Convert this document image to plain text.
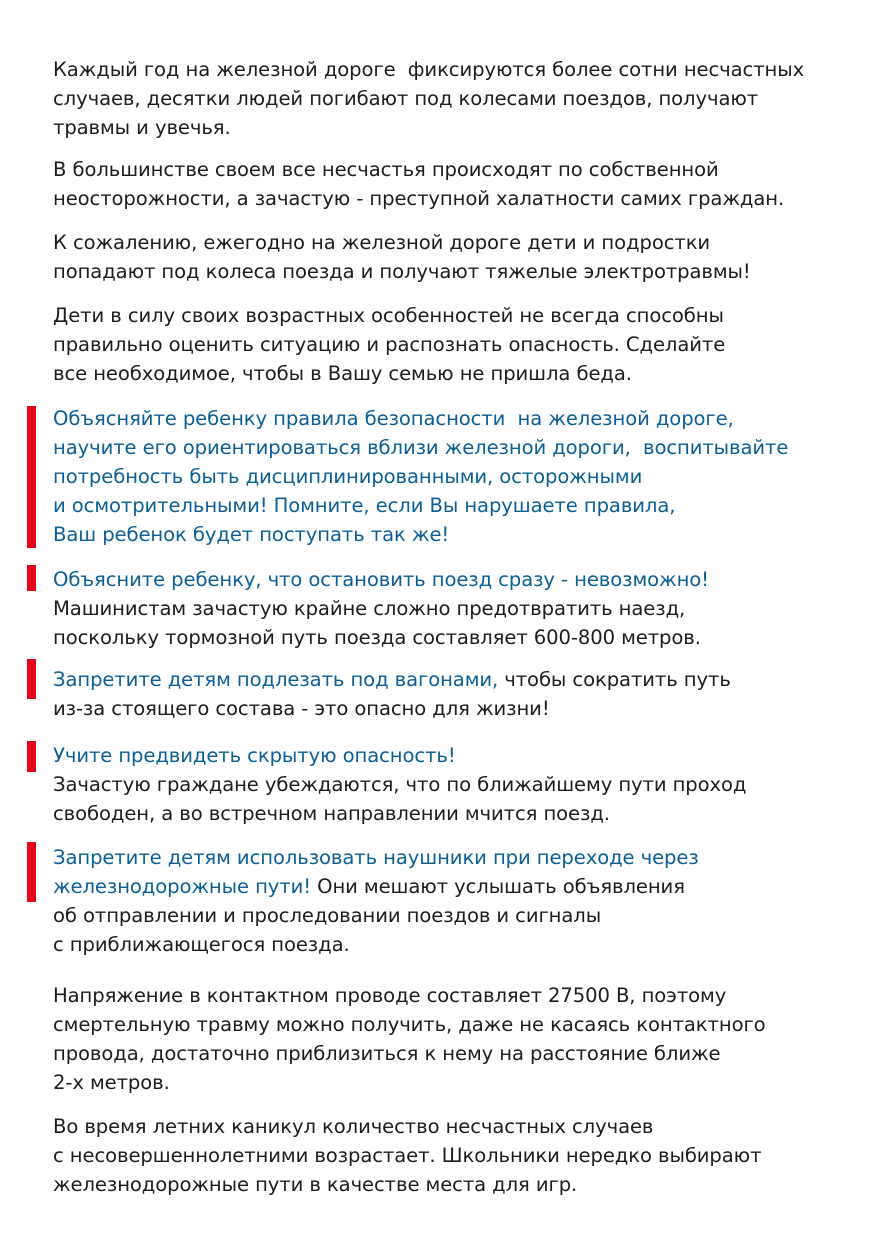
Каждый год на железной дороге  фиксируются более сотни несчастных
случаев, десятки людей погибают под колесами поездов, получают
травмы и увечья.

В большинстве своем все несчастья происходят по собственной
неосторожности, а зачастую - преступной халатности самих граждан.

К сожалению, ежегодно на железной дороге дети и подростки
попадают под колеса поезда и получают тяжелые электротравмы!

Дети в силу своих возрастных особенностей не всегда способны
правильно оценить ситуацию и распознать опасность. Сделайте
все необходимое, чтобы в Вашу семью не пришла беда.

Объясняйте ребенку правила безопасности  на железной дороге,
научите его ориентироваться вблизи железной дороги,  воспитывайте
потребность быть дисциплинированными, осторожными
и осмотрительными! Помните, если Вы нарушаете правила,
Ваш ребенок будет поступать так же!

Объясните ребенку, что остановить поезд сразу - невозможно!
Машинистам зачастую крайне сложно предотвратить наезд,
поскольку тормозной путь поезда составляет 600-800 метров.

Запретите детям подлезать под вагонами, чтобы сократить путь
из-за стоящего состава - это опасно для жизни!

Учите предвидеть скрытую опасность!
Зачастую граждане убеждаются, что по ближайшему пути проход
свободен, а во встречном направлении мчится поезд.

Запретите детям использовать наушники при переходе через
железнодорожные пути! Они мешают услышать объявления
об отправлении и проследовании поездов и сигналы
с приближающегося поезда.

Напряжение в контактном проводе составляет 27500 В, поэтому
смертельную травму можно получить, даже не касаясь контактного
провода, достаточно приблизиться к нему на расстояние ближе
2-х метров.

Во время летних каникул количество несчастных случаев
с несовершеннолетними возрастает. Школьники нередко выбирают
железнодорожные пути в качестве места для игр.
